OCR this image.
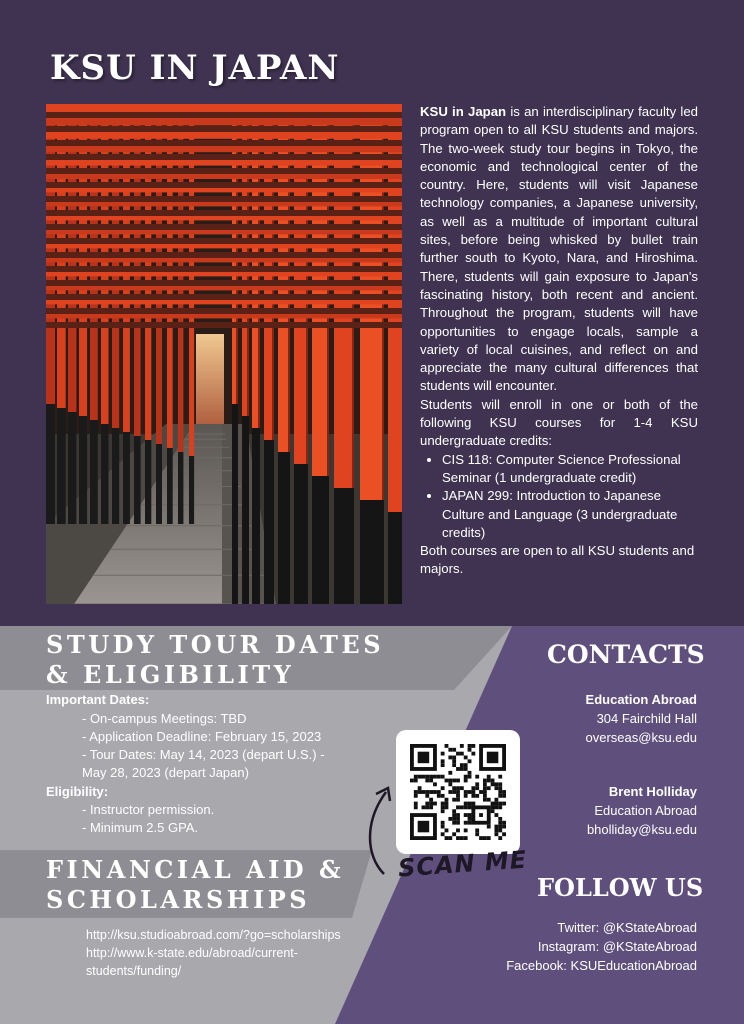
KSU IN JAPAN

KSU in Japan is an interdisciplinary faculty led program open to all KSU students and majors. The two-week study tour begins in Tokyo, the economic and technological center of the country. Here, students will visit Japanese technology companies, a Japanese university, as well as a multitude of important cultural sites, before being whisked by bullet train further south to Kyoto, Nara, and Hiroshima. There, students will gain exposure to Japan's fascinating history, both recent and ancient. Throughout the program, students will have opportunities to engage locals, sample a variety of local cuisines, and reflect on and appreciate the many cultural differences that students will encounter.

Students will enroll in one or both of the following KSU courses for 1-4 KSU undergraduate credits:

• CIS 118: Computer Science Professional Seminar (1 undergraduate credit)
• JAPAN 299: Introduction to Japanese Culture and Language (3 undergraduate credits)

Both courses are open to all KSU students and majors.

STUDY TOUR DATES
& ELIGIBILITY
Important Dates:
- On-campus Meetings: TBD
- Application Deadline: February 15, 2023
- Tour Dates: May 14, 2023 (depart U.S.) -
May 28, 2023 (depart Japan)
Eligibility:
- Instructor permission.
- Minimum 2.5 GPA.
FINANCIAL AID &
SCHOLARSHIPS
http://ksu.studioabroad.com/?go=scholarships
http://www.k-state.edu/abroad/current-
students/funding/
CONTACTS
Education Abroad
304 Fairchild Hall
overseas@ksu.edu
Brent Holliday
Education Abroad
bholliday@ksu.edu
SCAN ME
FOLLOW US
Twitter: @KStateAbroad
Instagram: @KStateAbroad
Facebook: KSUEducationAbroad
